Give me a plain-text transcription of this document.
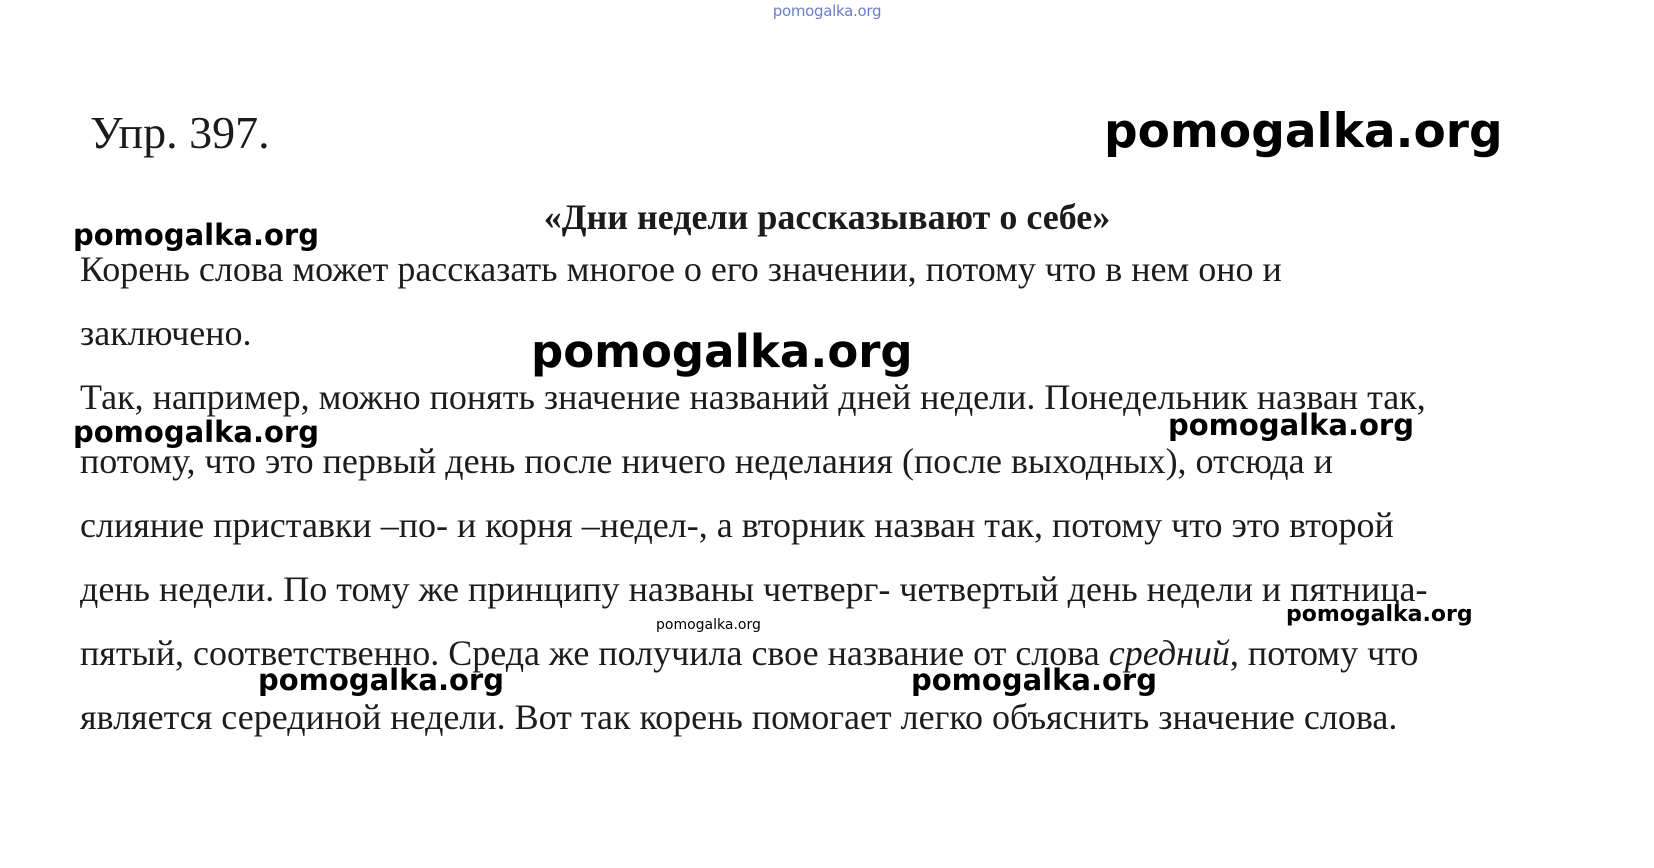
pomogalka.org
Упр. 397.	pomogalka.org
«Дни недели рассказывают о себе»
pomogalka.org
Корень слова может рассказать многое о его значении, потому что в нем оно и
заключено.
Так, например, можно понять значение названий дней недели. Понедельник назван так,
потому, что это первый день после ничего неделания (после выходных), отсюда и
слияние приставки –по- и корня –недел-, а вторник назван так, потому что это второй
день недели. По тому же принципу названы четверг- четвертый день недели и пятница-
пятый, соответственно. Среда же получила свое название от слова средний, потому что
является серединой недели. Вот так корень помогает легко объяснить значение слова.
pomogalka.org
pomogalka.org	pomogalka.org
pomogalka.org
pomogalka.org
pomogalka.org	pomogalka.org
